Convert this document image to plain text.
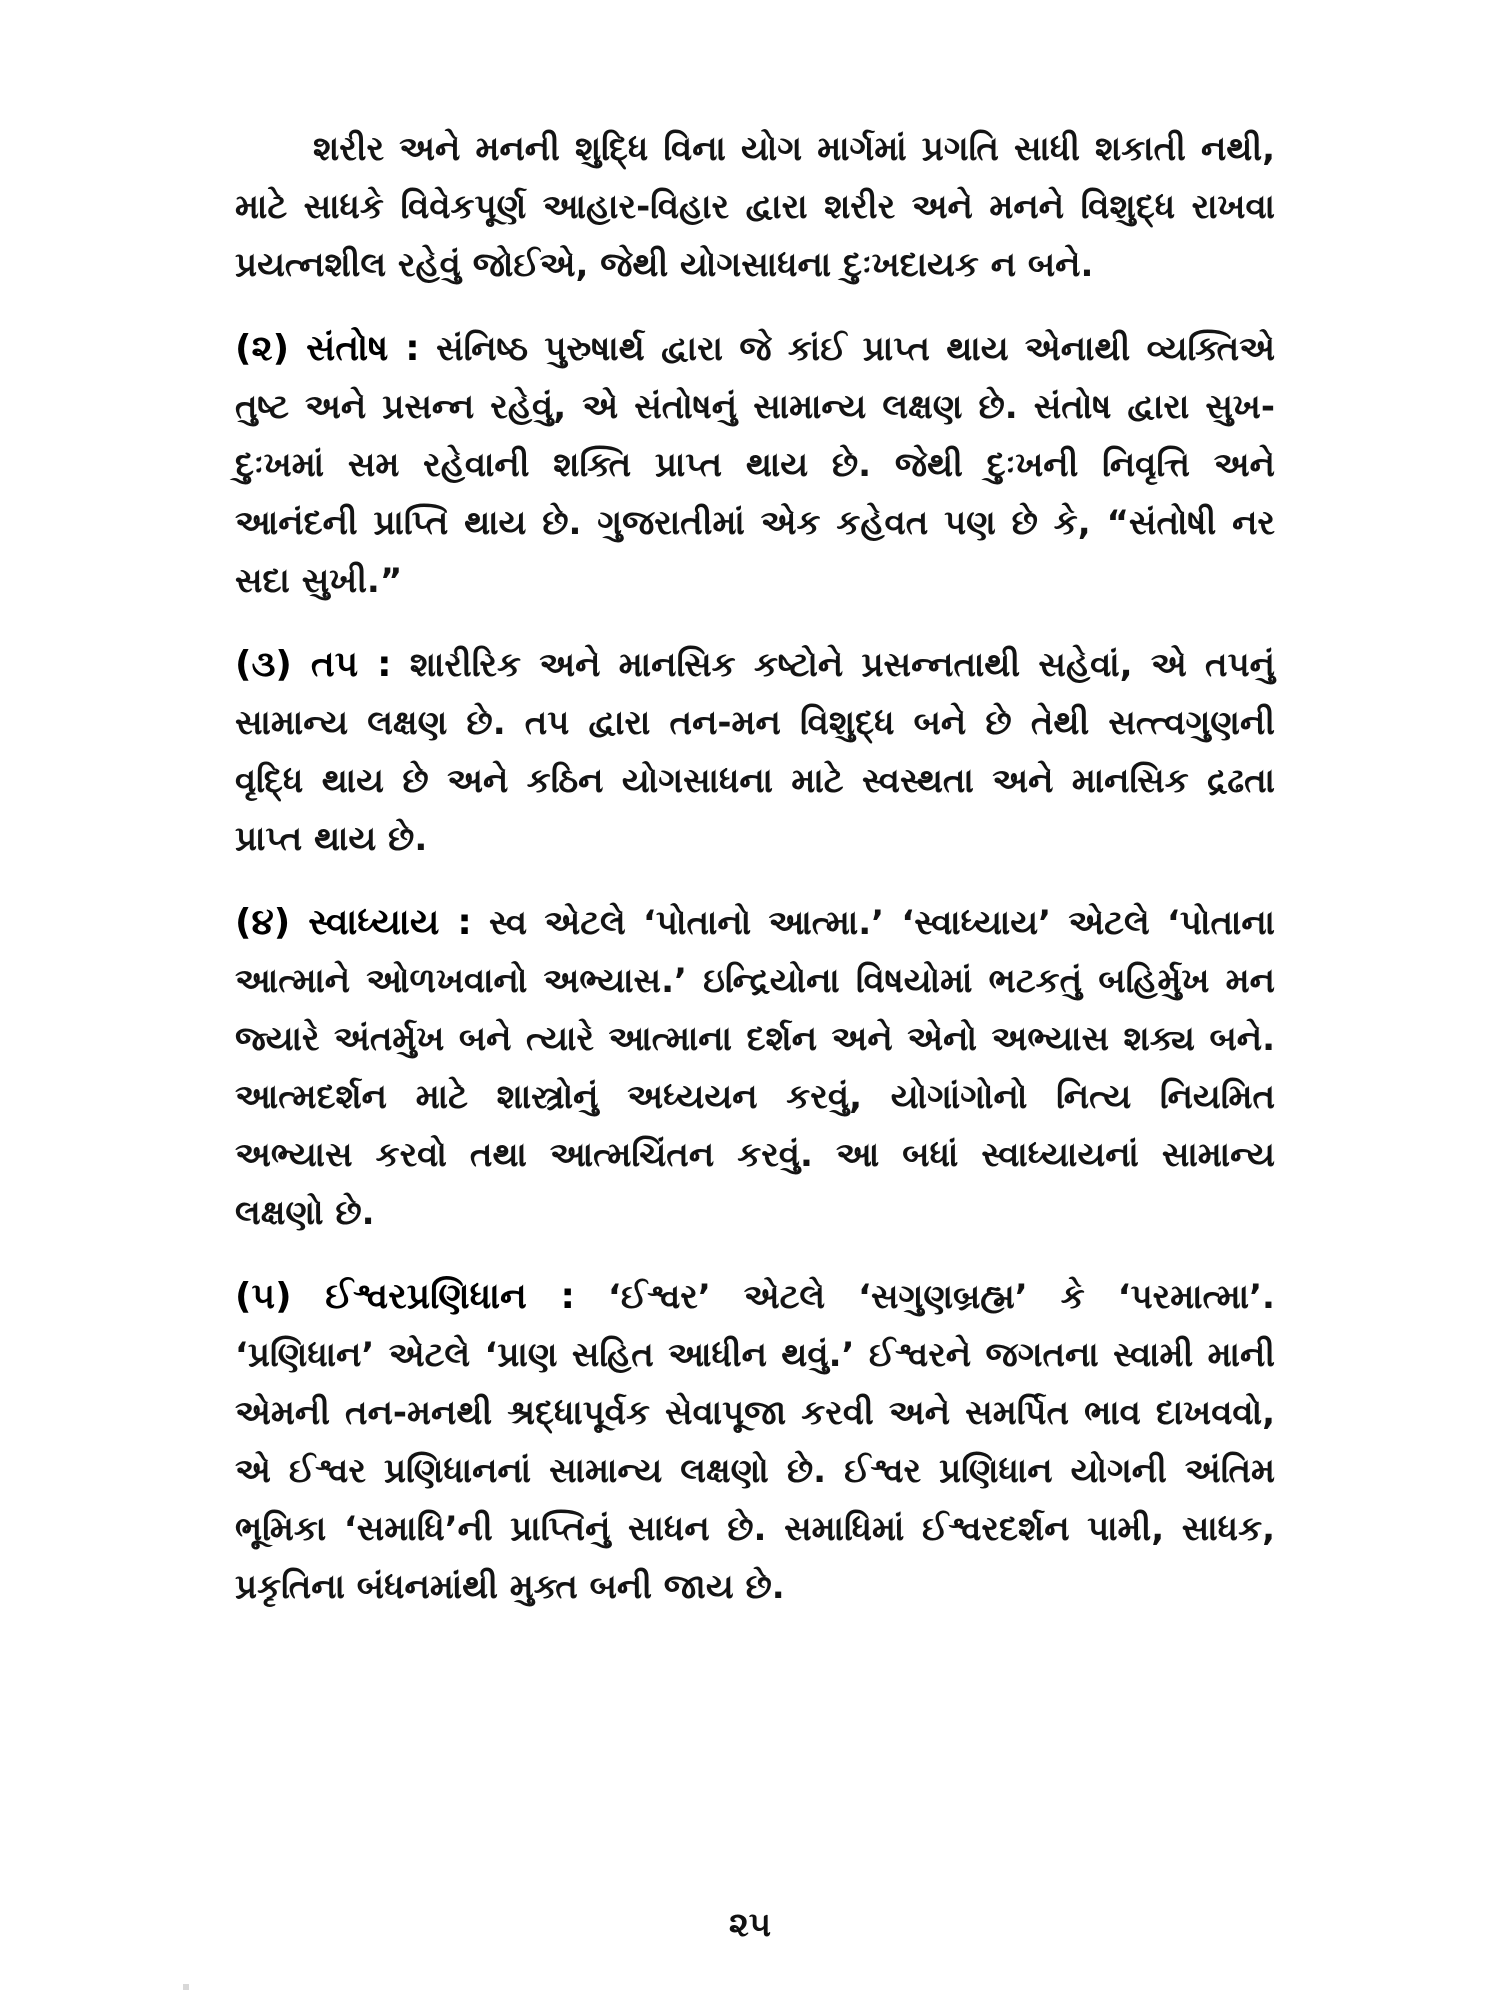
શરીર અને મનની શુદ્ધિ વિના યોગ માર્ગમાં પ્રગતિ સાધી શકાતી નથી, માટે સાધકે વિવેકપૂર્ણ આહાર-વિહાર દ્વારા શરીર અને મનને વિશુદ્ધ રાખવા પ્રયત્નશીલ રહેવું જોઈએ, જેથી યોગસાધના દુઃખદાયક ન બને.

(૨) સંતોષ : સંનિષ્ઠ પુરુષાર્થ દ્વારા જે કાંઈ પ્રાપ્ત થાય એનાથી વ્યક્તિએ તુષ્ટ અને પ્રસન્ન રહેવું, એ સંતોષનું સામાન્ય લક્ષણ છે. સંતોષ દ્વારા સુખ-દુઃખમાં સમ રહેવાની શક્તિ પ્રાપ્ત થાય છે. જેથી દુઃખની નિવૃત્તિ અને આનંદની પ્રાપ્તિ થાય છે. ગુજરાતીમાં એક કહેવત પણ છે કે, “સંતોષી નર સદા સુખી.”

(૩) તપ : શારીરિક અને માનસિક કષ્ટોને પ્રસન્નતાથી સહેવાં, એ તપનું સામાન્ય લક્ષણ છે. તપ દ્વારા તન-મન વિશુદ્ધ બને છે તેથી સત્ત્વગુણની વૃદ્ધિ થાય છે અને કઠિન યોગસાધના માટે સ્વસ્થતા અને માનસિક દ્રઢતા પ્રાપ્ત થાય છે.

(૪) સ્વાધ્યાય : સ્વ એટલે ‘પોતાનો આત્મા.’ ‘સ્વાધ્યાય’ એટલે ‘પોતાના આત્માને ઓળખવાનો અભ્યાસ.’ ઇન્દ્રિયોના વિષયોમાં ભટકતું બહિર્મુખ મન જ્યારે અંતર્મુખ બને ત્યારે આત્માના દર્શન અને એનો અભ્યાસ શક્ય બને. આત્મદર્શન માટે શાસ્ત્રોનું અધ્યયન કરવું, યોગાંગોનો નિત્ય નિયમિત અભ્યાસ કરવો તથા આત્મચિંતન કરવું. આ બધાં સ્વાધ્યાયનાં સામાન્ય લક્ષણો છે.

(૫) ઈશ્વરપ્રણિધાન : ‘ઈશ્વર’ એટલે ‘સગુણબ્રહ્મ’ કે ‘પરમાત્મા’. ‘પ્રણિધાન’ એટલે ‘પ્રાણ સહિત આધીન થવું.’ ઈશ્વરને જગતના સ્વામી માની એમની તન-મનથી શ્રદ્ધાપૂર્વક સેવાપૂજા કરવી અને સમર્પિત ભાવ દાખવવો, એ ઈશ્વર પ્રણિધાનનાં સામાન્ય લક્ષણો છે. ઈશ્વર પ્રણિધાન યોગની અંતિમ ભૂમિકા ‘સમાધિ’ની પ્રાપ્તિનું સાધન છે. સમાધિમાં ઈશ્વરદર્શન પામી, સાધક, પ્રકૃતિના બંધનમાંથી મુક્ત બની જાય છે.

૨૫
